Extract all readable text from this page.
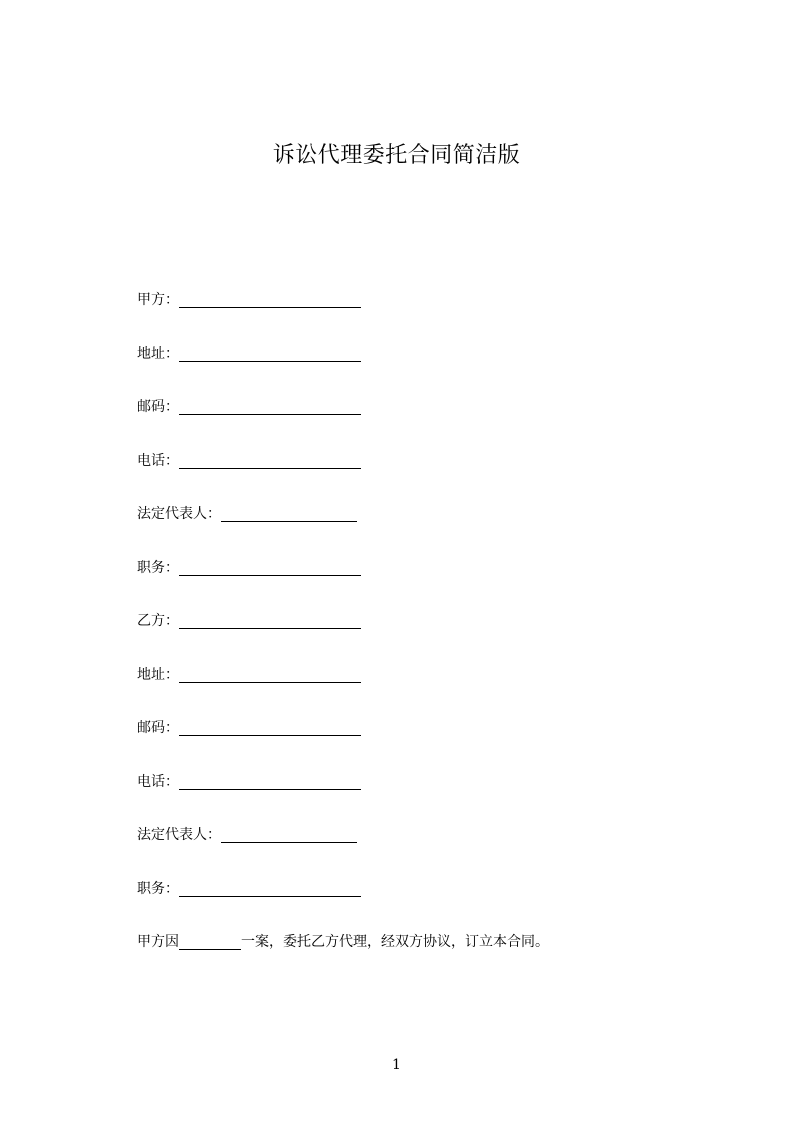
诉讼代理委托合同简洁版
甲方：
地址：
邮码：
电话：
法定代表人：
职务：
乙方：
地址：
邮码：
电话：
法定代表人：
职务：
甲方因	一案，委托乙方代理，经双方协议，订立本合同。
1
